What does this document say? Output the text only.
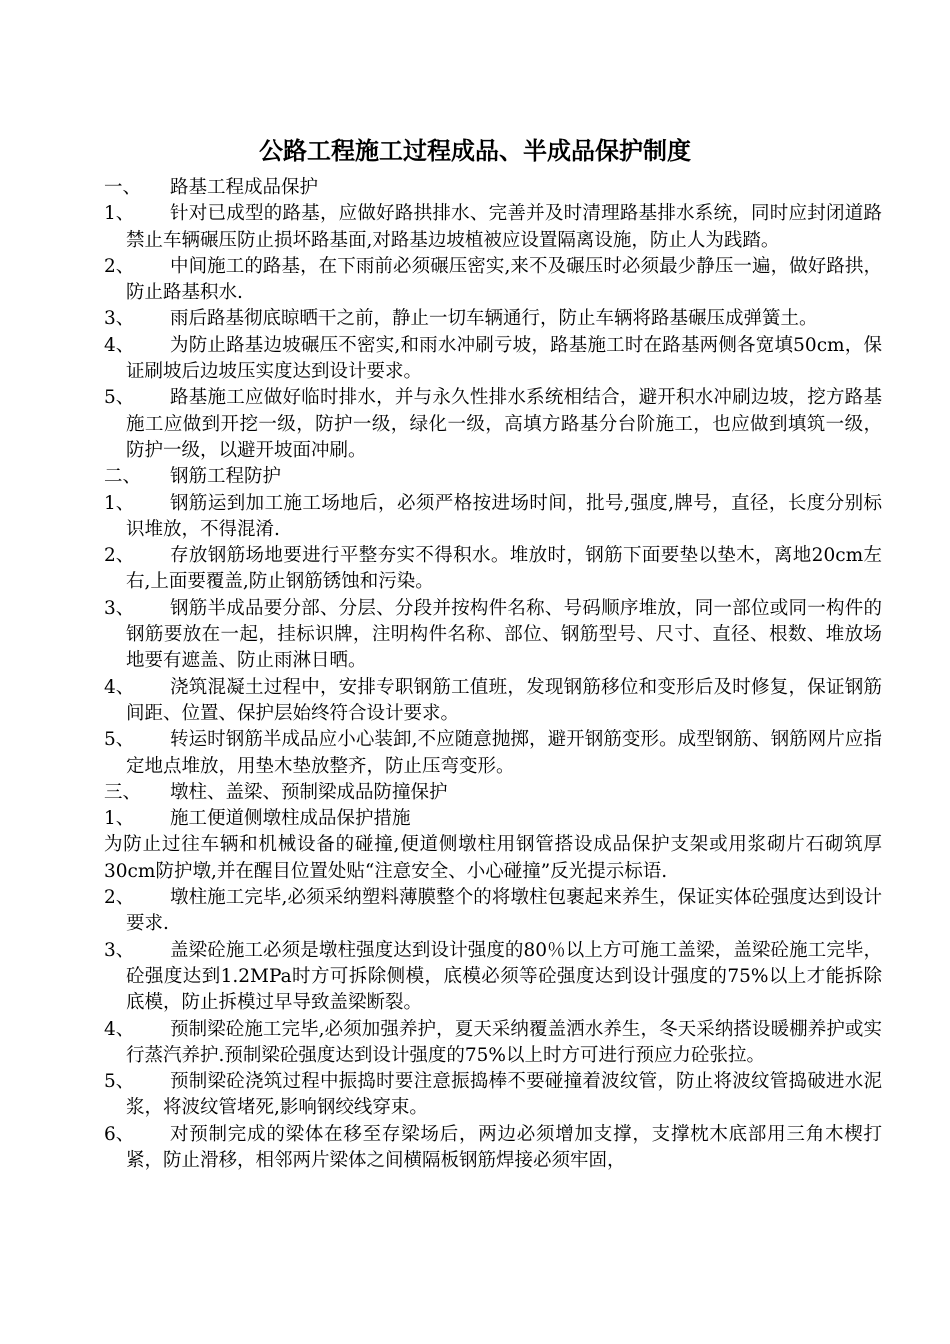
公路工程施工过程成品、半成品保护制度
一、 路基工程成品保护
1、	针对已成型的路基，应做好路拱排水、完善并及时清理路基排水系统，同时应封闭道路禁止车辆碾压防止损坏路基面,对路基边坡植被应设置隔离设施，防止人为践踏。
2、	中间施工的路基，在下雨前必须碾压密实,来不及碾压时必须最少静压一遍，做好路拱，防止路基积水.
3、	雨后路基彻底晾晒干之前，静止一切车辆通行，防止车辆将路基碾压成弹簧土。
4、	为防止路基边坡碾压不密实,和雨水冲刷亏坡，路基施工时在路基两侧各宽填50cm，保证刷坡后边坡压实度达到设计要求。
5、	路基施工应做好临时排水，并与永久性排水系统相结合，避开积水冲刷边坡，挖方路基施工应做到开挖一级，防护一级，绿化一级，高填方路基分台阶施工，也应做到填筑一级，防护一级，以避开坡面冲刷。
二、 钢筋工程防护
1、	钢筋运到加工施工场地后，必须严格按进场时间，批号,强度,牌号，直径，长度分别标识堆放，不得混淆.
2、	存放钢筋场地要进行平整夯实不得积水。堆放时，钢筋下面要垫以垫木，离地20cm左右,上面要覆盖,防止钢筋锈蚀和污染。
3、	钢筋半成品要分部、分层、分段并按构件名称、号码顺序堆放，同一部位或同一构件的钢筋要放在一起，挂标识牌，注明构件名称、部位、钢筋型号、尺寸、直径、根数、堆放场地要有遮盖、防止雨淋日晒。
4、	浇筑混凝土过程中，安排专职钢筋工值班，发现钢筋移位和变形后及时修复，保证钢筋间距、位置、保护层始终符合设计要求。
5、	转运时钢筋半成品应小心装卸,不应随意抛掷，避开钢筋变形。成型钢筋、钢筋网片应指定地点堆放，用垫木垫放整齐，防止压弯变形。
三、 墩柱、盖梁、预制梁成品防撞保护
1、	施工便道侧墩柱成品保护措施

为防止过往车辆和机械设备的碰撞,便道侧墩柱用钢管搭设成品保护支架或用浆砌片石砌筑厚30cm防护墩,并在醒目位置处贴“注意安全、小心碰撞”反光提示标语.

2、	墩柱施工完毕,必须采纳塑料薄膜整个的将墩柱包裹起来养生，保证实体砼强度达到设计要求.
3、	盖梁砼施工必须是墩柱强度达到设计强度的80％以上方可施工盖梁，盖梁砼施工完毕，砼强度达到1.2MPa时方可拆除侧模，底模必须等砼强度达到设计强度的75%以上才能拆除底模，防止拆模过早导致盖梁断裂。
4、	预制梁砼施工完毕,必须加强养护，夏天采纳覆盖洒水养生，冬天采纳搭设暖棚养护或实行蒸汽养护.预制梁砼强度达到设计强度的75%以上时方可进行预应力砼张拉。
5、	预制梁砼浇筑过程中振捣时要注意振捣棒不要碰撞着波纹管，防止将波纹管捣破进水泥浆，将波纹管堵死,影响钢绞线穿束。
6、	对预制完成的梁体在移至存梁场后，两边必须增加支撑，支撑枕木底部用三角木楔打紧，防止滑移，相邻两片梁体之间横隔板钢筋焊接必须牢固，
